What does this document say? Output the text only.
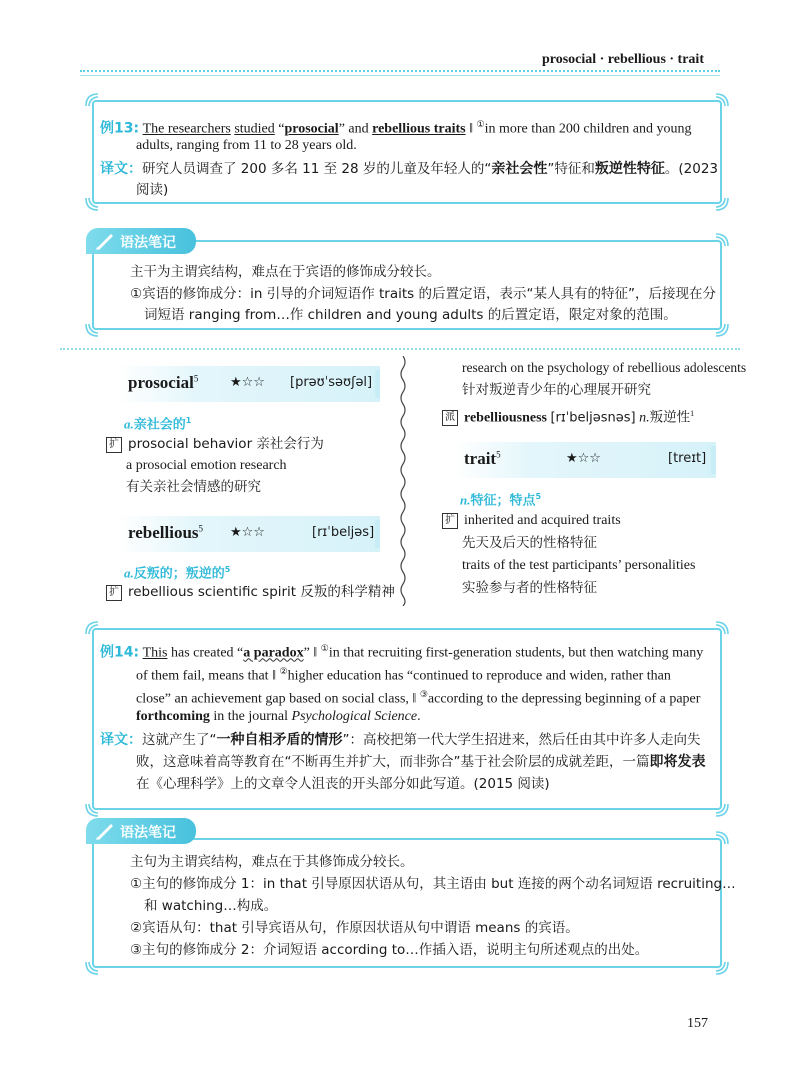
prosocial · rebellious · trait
例13: The researchers studied “prosocial” and rebellious traits ‖ ①in more than 200 children and young
adults, ranging from 11 to 28 years old.
译文：研究人员调查了 200 多名 11 至 28 岁的儿童及年轻人的“亲社会性”特征和叛逆性特征。(2023
阅读)
主干为主谓宾结构，难点在于宾语的修饰成分较长。
①宾语的修饰成分：in 引导的介词短语作 traits 的后置定语，表示“某人具有的特征”，后接现在分
词短语 ranging from…作 children and young adults 的后置定语，限定对象的范围。
语法笔记
prosocial$^5$ ★☆☆ [prəʊˈsəʊʃəl]
a.亲社会的$^1$
扩 prosocial behavior 亲社会行为
a prosocial emotion research
有关亲社会情感的研究
rebellious$^5$ ★☆☆	[rɪˈbeljəs]
a.反叛的；叛逆的$^5$
扩 rebellious scientific spirit 反叛的科学精神
research on the psychology of rebellious adolescents
针对叛逆青少年的心理展开研究
派 rebelliousness [rɪˈbeljəsnəs] n.叛逆性$^1$
trait$^5$	★☆☆	[treɪt]
n.特征；特点$^5$
扩 inherited and acquired traits
先天及后天的性格特征
traits of the test participants’ personalities
实验参与者的性格特征
例14: This has created “a paradox” ‖ ①in that recruiting first-generation students, but then watching many
of them fail, means that ‖ ②higher education has “continued to reproduce and widen, rather than
close” an achievement gap based on social class, ‖ ③according to the depressing beginning of a paper
forthcoming in the journal Psychological Science.
译文：这就产生了“一种自相矛盾的情形”：高校把第一代大学生招进来，然后任由其中许多人走向失
败，这意味着高等教育在“不断再生并扩大，而非弥合”基于社会阶层的成就差距，一篇即将发表
在《心理科学》上的文章令人沮丧的开头部分如此写道。(2015 阅读)
主句为主谓宾结构，难点在于其修饰成分较长。
①主句的修饰成分 1：in that 引导原因状语从句，其主语由 but 连接的两个动名词短语 recruiting…
和 watching…构成。
②宾语从句：that 引导宾语从句，作原因状语从句中谓语 means 的宾语。
③主句的修饰成分 2：介词短语 according to…作插入语，说明主句所述观点的出处。
语法笔记
157
